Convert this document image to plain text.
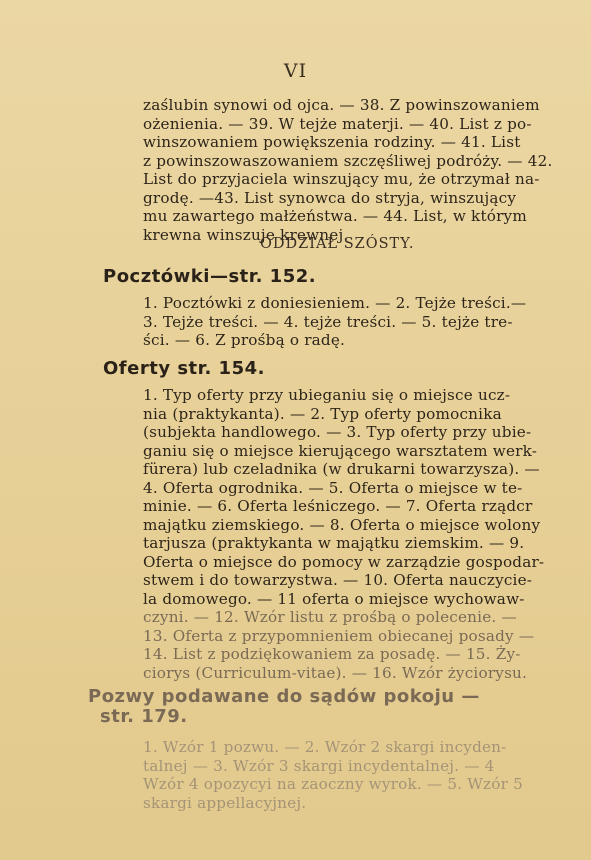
VI

zaślubin synowi od ojca. — 38. Z powinszowaniem
ożenienia. — 39. W tejże materji. — 40. List z po-
winszowaniem powiększenia rodziny. — 41. List
z powinszowaszowaniem szczęśliwej podróży. — 42.
List do przyjaciela winszujący mu, że otrzymał na-
grodę. —43. List synowca do stryja, winszujący
mu zawartego małżeństwa. — 44. List, w którym
krewna winszuje krewnej.

ODDZIAŁ SZÓSTY.
Pocztówki—str. 152.

1. Pocztówki z doniesieniem. — 2. Tejże treści.—
3. Tejże treści. — 4. tejże treści. — 5. tejże tre-
ści. — 6. Z prośbą o radę.

Oferty str. 154.

1. Typ oferty przy ubieganiu się o miejsce ucz-
nia (praktykanta). — 2. Typ oferty pomocnika
(subjekta handlowego. — 3. Typ oferty przy ubie-
ganiu się o miejsce kierującego warsztatem werk-
fürera) lub czeladnika (w drukarni towarzysza). —
4. Oferta ogrodnika. — 5. Oferta o miejsce w te-
minie. — 6. Oferta leśniczego. — 7. Oferta rządcr
majątku ziemskiego. — 8. Oferta o miejsce wolony
tarjusza (praktykanta w majątku ziemskim. — 9.
Oferta o miejsce do pomocy w zarządzie gospodar-
stwem i do towarzystwa. — 10. Oferta nauczycie-
la domowego. — 11 oferta o miejsce wychowaw-
czyni. — 12. Wzór listu z prośbą o polecenie. —
13. Oferta z przypomnieniem obiecanej posady —
14. List z podziękowaniem za posadę. — 15. Ży-
ciorys (Curriculum-vitae). — 16. Wzór życiorysu.

Pozwy podawane do sądów pokoju —
str. 179.

1. Wzór 1 pozwu. — 2. Wzór 2 skargi incyden-
talnej — 3. Wzór 3 skargi incydentalnej. — 4
Wzór 4 opozycyi na zaoczny wyrok. — 5. Wzór 5
skargi appellacyjnej.
